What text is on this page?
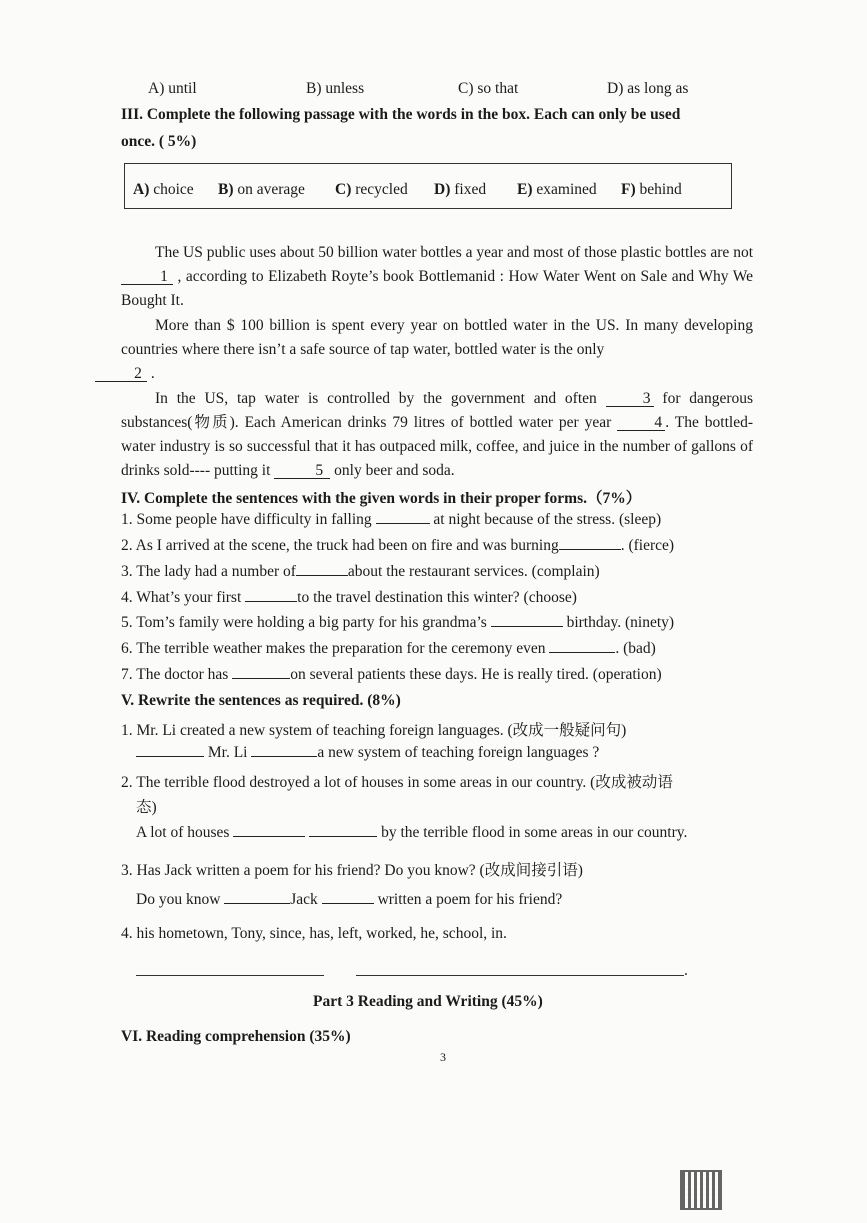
A) until	B) unless	C) so that	D) as long as
III. Complete the following passage with the words in the box. Each can only be used
once. ( 5%)
A) choice B) on average C) recycled D) fixed E) examined F) behind
The US public uses about 50 billion water bottles a year and most of those plastic bottles are not 1 , according to Elizabeth Royte’s book Bottlemanid : How Water Went on Sale and Why We Bought It.
More than $ 100 billion is spent every year on bottled water in the US. In many developing countries where there isn’t a safe source of tap water, bottled water is the only
2 .
In the US, tap water is controlled by the government and often	3 for dangerous substances(物质). Each American drinks 79 litres of bottled water per year	4 . The bottled-water industry is so successful that it has outpaced milk, coffee, and juice in the number of gallons of drinks sold---- putting it	5 only beer and soda.
IV. Complete the sentences with the given words in their proper forms.（7%）
1. Some people have difficulty in falling	at night because of the stress. (sleep)
2. As I arrived at the scene, the truck had been on fire and was burning	. (fierce)
3. The lady had a number of	about the restaurant services. (complain)
4. What’s your first	to the travel destination this winter? (choose)
5. Tom’s family were holding a big party for his grandma’s	birthday. (ninety)
6. The terrible weather makes the preparation for the ceremony even	. (bad)
7. The doctor has	on several patients these days. He is really tired. (operation)
V. Rewrite the sentences as required. (8%)
1. Mr. Li created a new system of teaching foreign languages. (改成一般疑问句)
Mr. Li	a new system of teaching foreign languages ?
2. The terrible flood destroyed a lot of houses in some areas in our country. (改成被动语
态)
A lot of houses	by the terrible flood in some areas in our country.
3. Has Jack written a poem for his friend? Do you know? (改成间接引语)
Do you know	Jack	written a poem for his friend?
4. his hometown, Tony, since, has, left, worked, he, school, in.
.
Part 3 Reading and Writing (45%)
VI. Reading comprehension (35%)
3
